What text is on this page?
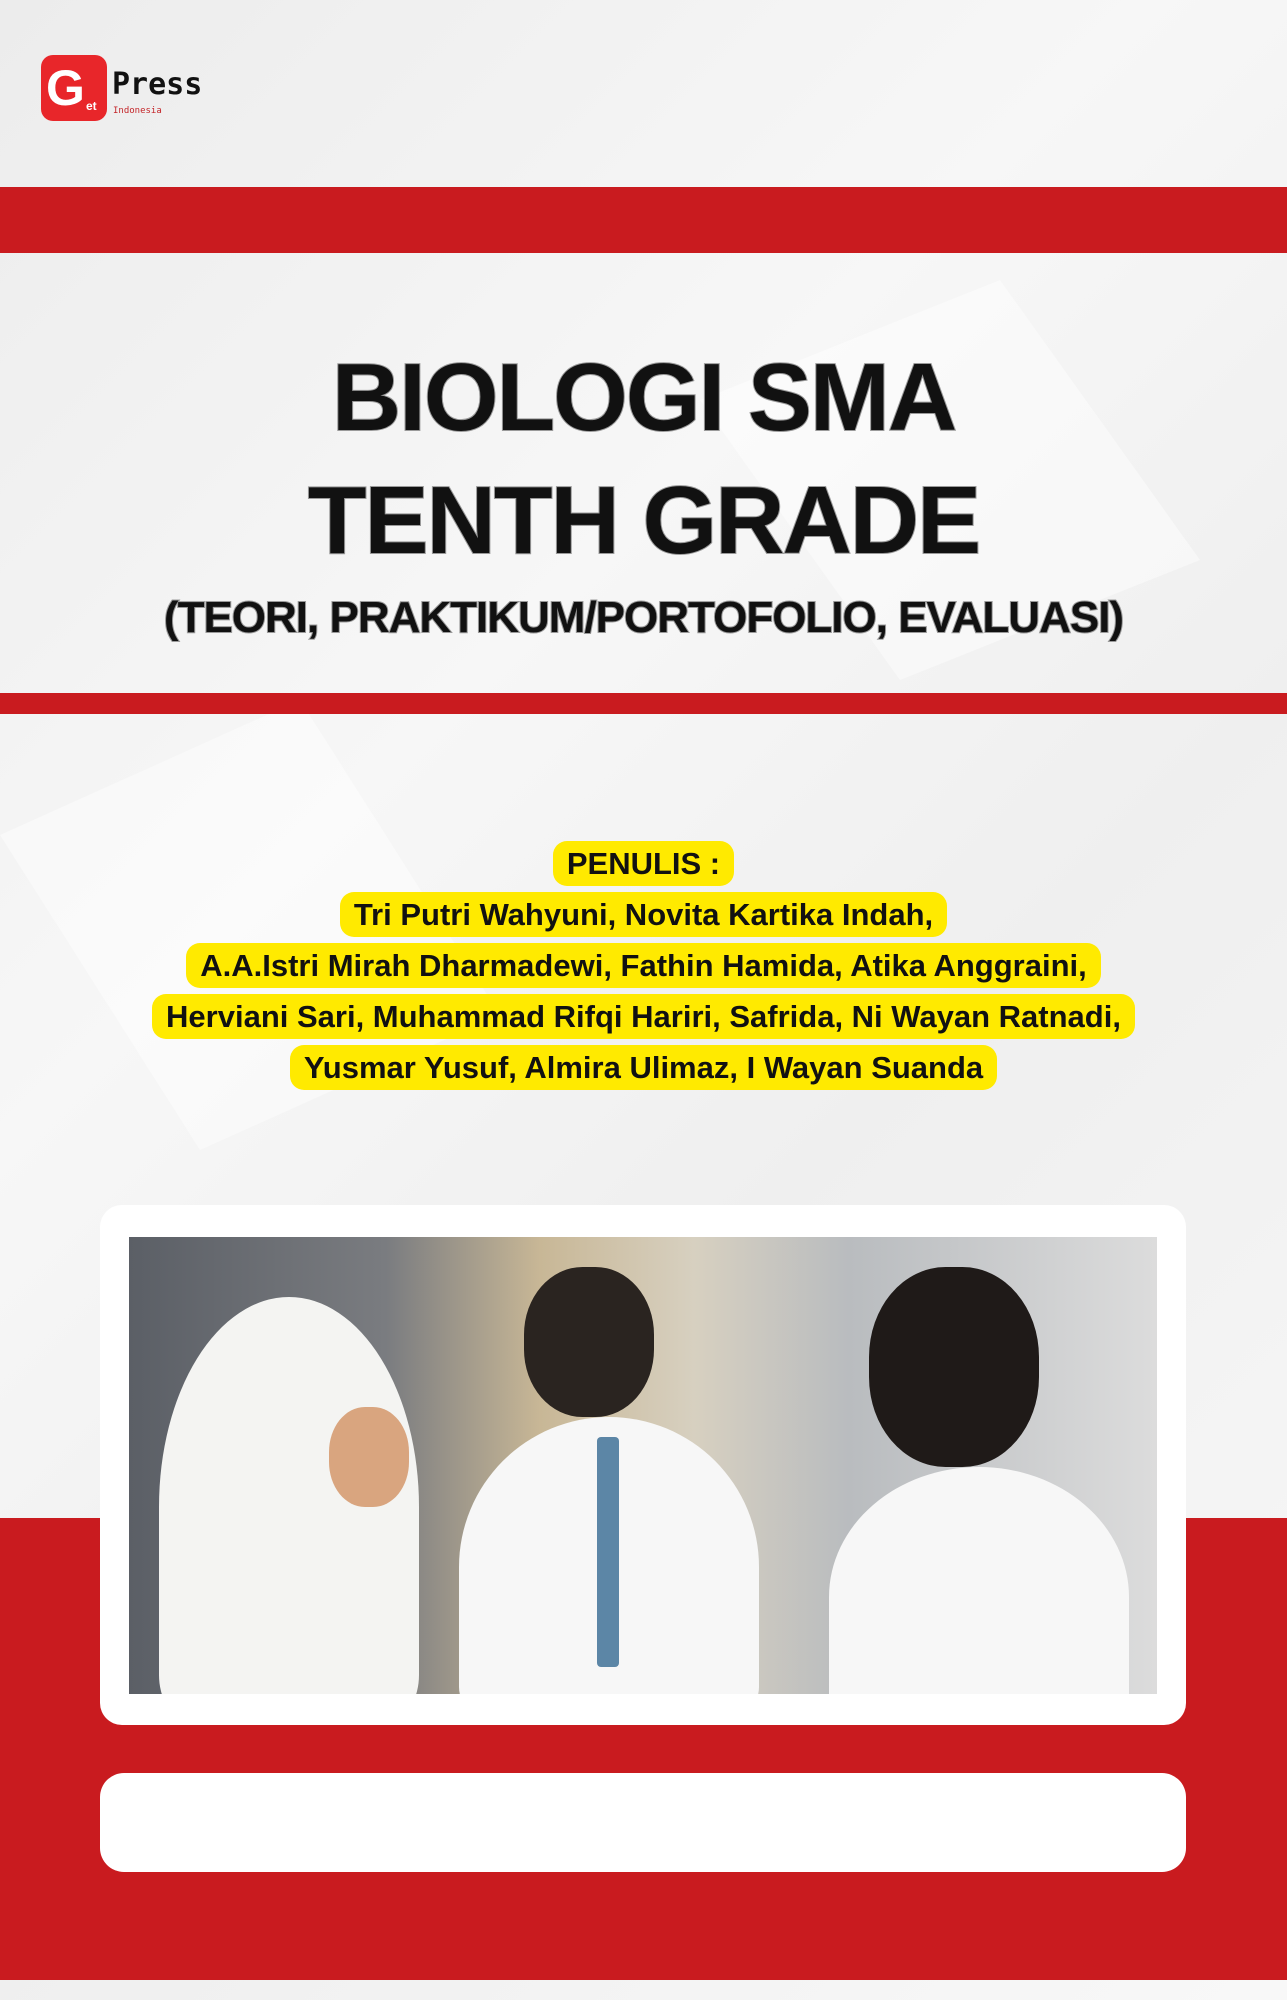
G et
Press
Indonesia
BIOLOGI SMA
TENTH GRADE
(TEORI, PRAKTIKUM/PORTOFOLIO, EVALUASI)
PENULIS :
Tri Putri Wahyuni, Novita Kartika Indah,
A.A.Istri Mirah Dharmadewi, Fathin Hamida, Atika Anggraini,
Herviani Sari, Muhammad Rifqi Hariri, Safrida, Ni Wayan Ratnadi,
Yusmar Yusuf, Almira Ulimaz, I Wayan Suanda
